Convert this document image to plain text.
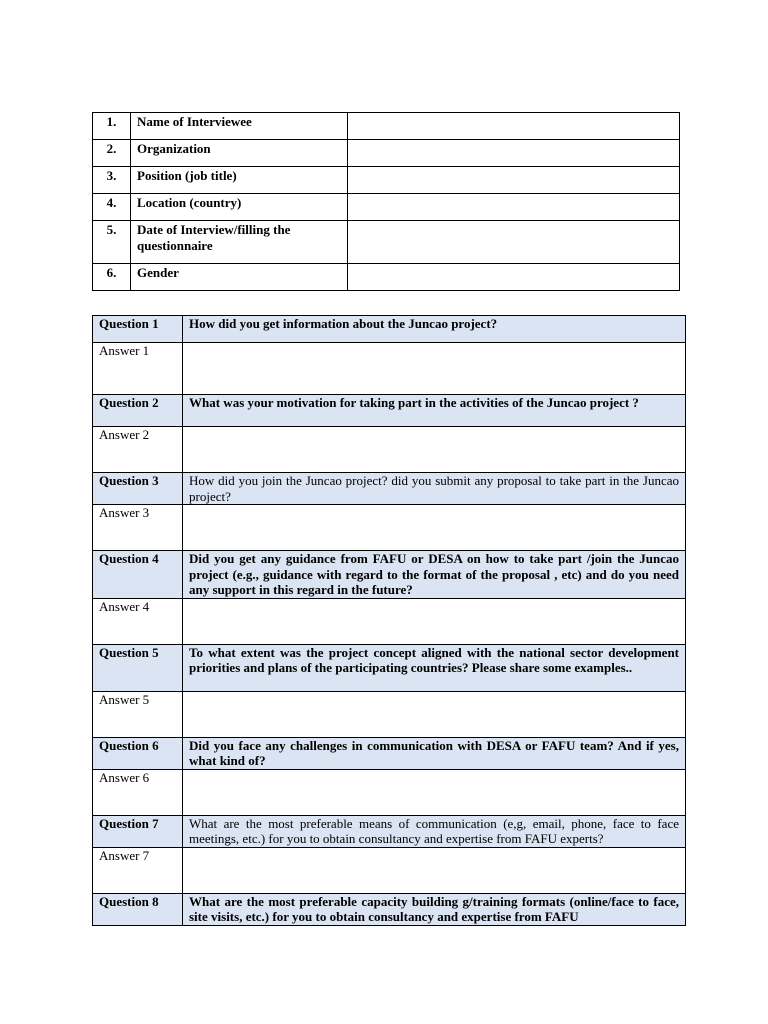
1.	Name of Interviewee	
2.	Organization	
3.	Position (job title)	
4.	Location (country)	
5.	Date of Interview/filling the questionnaire	
6.	Gender	
Question 1	How did you get information about the Juncao project?
Answer 1	
Question 2	What was your motivation for taking part in the activities of the Juncao project ?
Answer 2	
Question 3	How did you join the Juncao project? did you submit any proposal to take part in the Juncao project?
Answer 3	
Question 4	Did you get any guidance from FAFU or DESA on how to take part /join the Juncao project (e.g., guidance with regard to the format of the proposal , etc) and do you need any support in this regard in the future?
Answer 4	
Question 5	To what extent was the project concept aligned with the national sector development priorities and plans of the participating countries? Please share some examples..
Answer 5	
Question 6	Did you face any challenges in communication with DESA or FAFU team? And if yes, what kind of?
Answer 6	
Question 7	What are the most preferable means of communication (e,g, email, phone, face to face meetings, etc.) for you to obtain consultancy and expertise from FAFU experts?
Answer 7	
Question 8	What are the most preferable capacity building g/training formats (online/face to face, site visits, etc.) for you to obtain consultancy and expertise from FAFU
